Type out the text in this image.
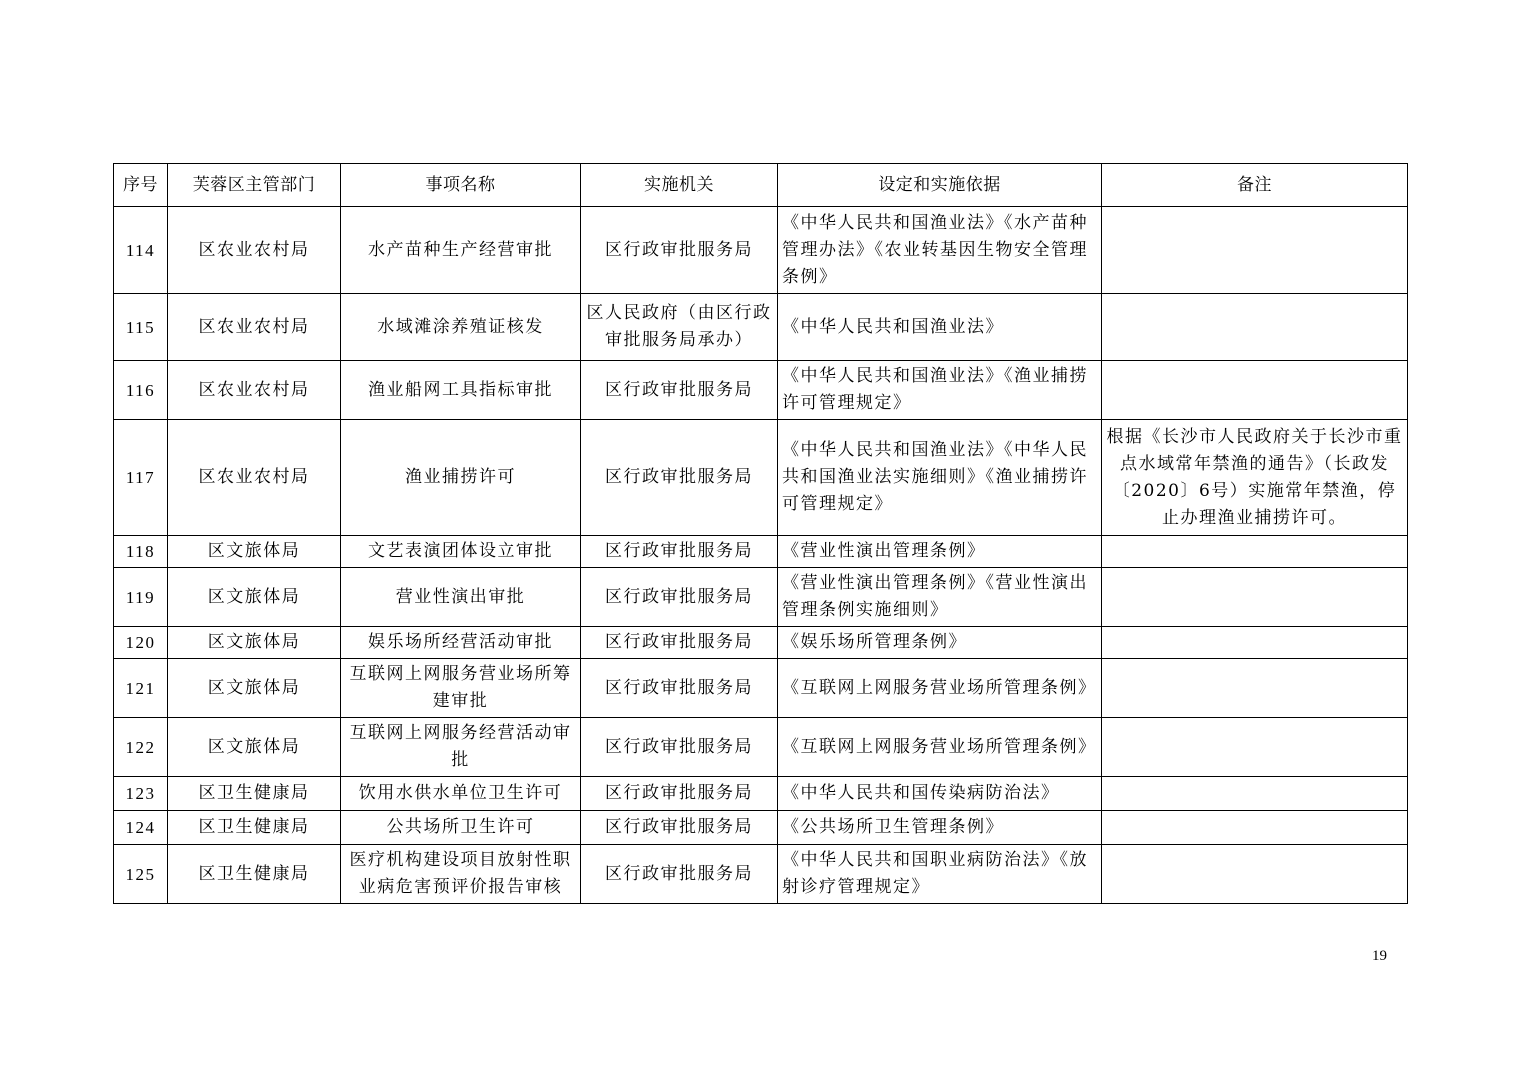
序号	芙蓉区主管部门	事项名称	实施机关	设定和实施依据	备注
114	区农业农村局	水产苗种生产经营审批	区行政审批服务局	《中华人民共和国渔业法》《水产苗种管理办法》《农业转基因生物安全管理条例》	
115	区农业农村局	水域滩涂养殖证核发	区人民政府（由区行政审批服务局承办）	《中华人民共和国渔业法》	
116	区农业农村局	渔业船网工具指标审批	区行政审批服务局	《中华人民共和国渔业法》《渔业捕捞许可管理规定》	
117	区农业农村局	渔业捕捞许可	区行政审批服务局	《中华人民共和国渔业法》《中华人民共和国渔业法实施细则》《渔业捕捞许可管理规定》	根据《长沙市人民政府关于长沙市重点水域常年禁渔的通告》（长政发〔2020〕6号）实施常年禁渔，停止办理渔业捕捞许可。
118	区文旅体局	文艺表演团体设立审批	区行政审批服务局	《营业性演出管理条例》	
119	区文旅体局	营业性演出审批	区行政审批服务局	《营业性演出管理条例》《营业性演出管理条例实施细则》	
120	区文旅体局	娱乐场所经营活动审批	区行政审批服务局	《娱乐场所管理条例》	
121	区文旅体局	互联网上网服务营业场所筹建审批	区行政审批服务局	《互联网上网服务营业场所管理条例》	
122	区文旅体局	互联网上网服务经营活动审批	区行政审批服务局	《互联网上网服务营业场所管理条例》	
123	区卫生健康局	饮用水供水单位卫生许可	区行政审批服务局	《中华人民共和国传染病防治法》	
124	区卫生健康局	公共场所卫生许可	区行政审批服务局	《公共场所卫生管理条例》	
125	区卫生健康局	医疗机构建设项目放射性职业病危害预评价报告审核	区行政审批服务局	《中华人民共和国职业病防治法》《放射诊疗管理规定》	
19
